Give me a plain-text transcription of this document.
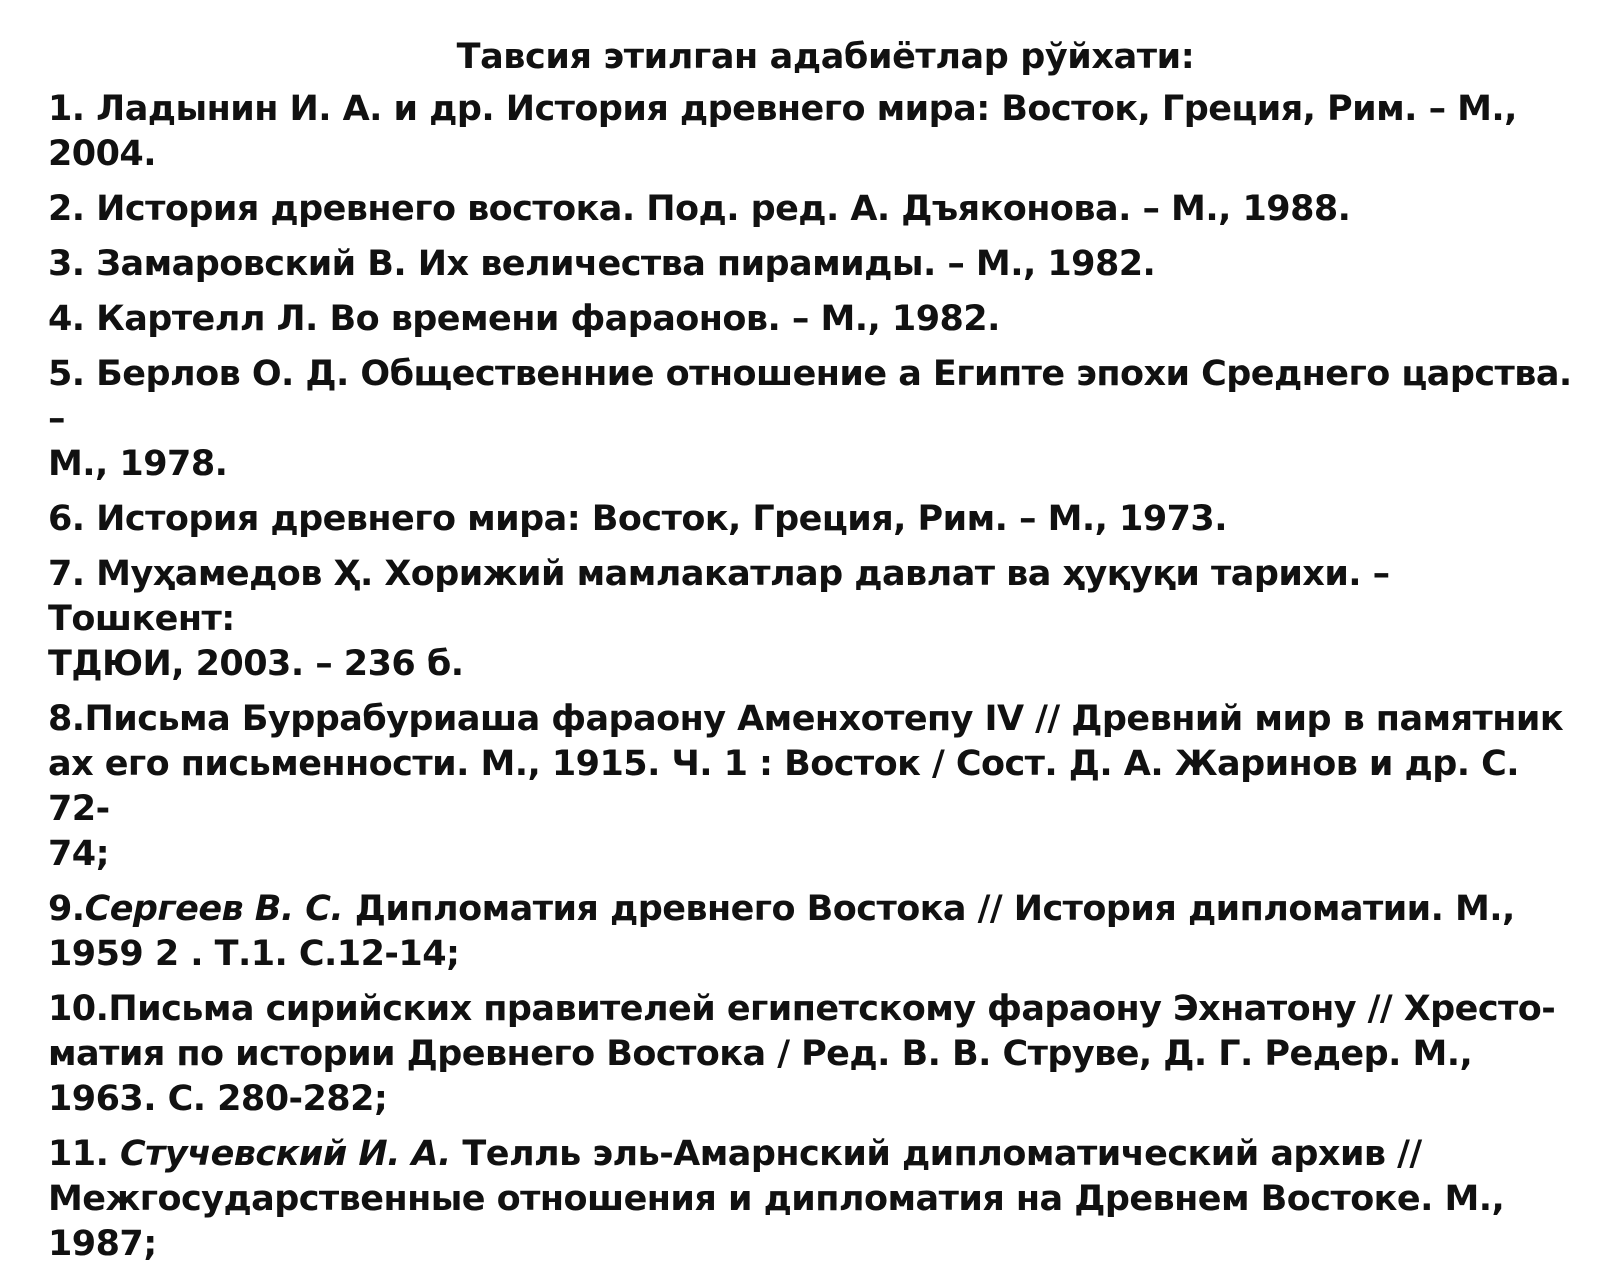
Тавсия этилган адабиётлар рўйхати:
1. Ладынин И. А. и др. История древнего мира: Восток, Греция, Рим. – М.,
2004.
2. История древнего востока. Под. ред. А. Дъяконова. – М., 1988.
3. Замаровский В. Их величества пирамиды. – М., 1982.
4. Картелл Л. Во времени фараонов. – М., 1982.
5. Берлов О. Д. Общественние отношение а Египте эпохи Среднего царства. –
М., 1978.
6. История древнего мира: Восток, Греция, Рим. – М., 1973.
7. Муҳамедов Ҳ. Хорижий мамлакатлар давлат ва ҳуқуқи тарихи. – Тошкент:
ТДЮИ, 2003. – 236 б.
8.Письма Буррабуриаша фараону Аменхотепу IV // Древний мир в памятник
ах его письменности. М., 1915. Ч. 1 : Восток / Сост. Д. А. Жаринов и др. С. 72-
74;
9.Сергеев В. С. Дипломатия древнего Востока // История дипломатии. М.,
1959 2 . Т.1. С.12-14;
10.Письма сирийских правителей египетскому фараону Эхнатону // Хресто-
матия по истории Древнего Востока / Ред. В. В. Струве, Д. Г. Редер. М.,
1963. С. 280-282;
11. Стучевский И. А. Телль эль-Амарнский дипломатический архив //
Межгосударственные отношения и дипломатия на Древнем Востоке. М.,
1987;
